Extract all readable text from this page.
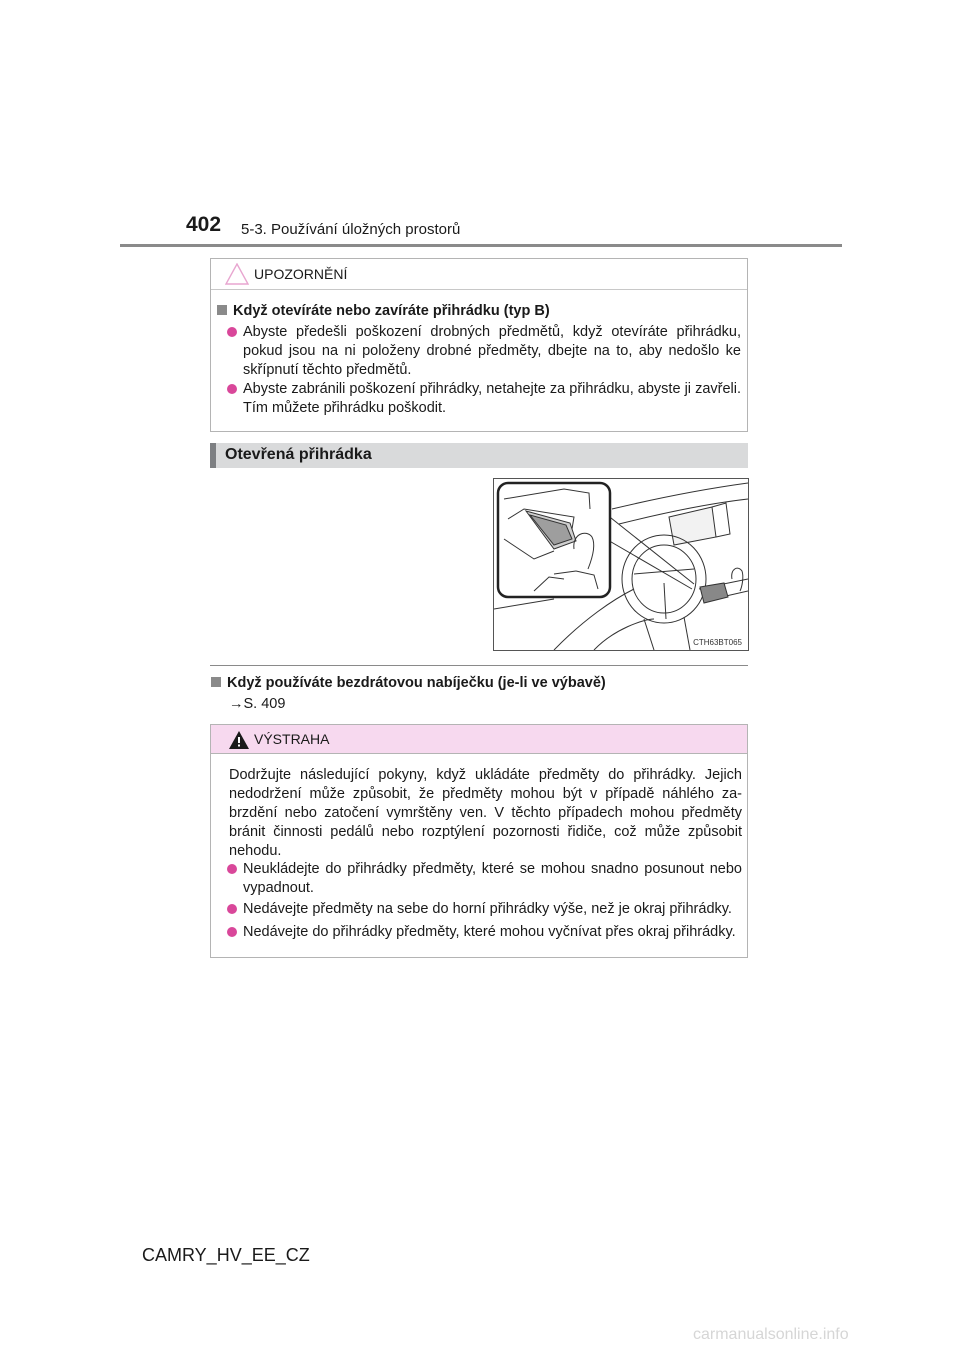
402 5-3. Používání úložných prostorů
UPOZORNĚNÍ
Když otevíráte nebo zavíráte přihrádku (typ B)
Abyste předešli poškození drobných předmětů, když otevíráte přihrádku, pokud jsou na ni položeny drobné předměty, dbejte na to, aby nedošlo ke skřípnutí těchto předmětů.
Abyste zabránili poškození přihrádky, netahejte za přihrádku, abyste ji zavřeli. Tím můžete přihrádku poškodit.
Otevřená přihrádka
CTH63BT065
Když používáte bezdrátovou nabíječku (je-li ve výbavě)
→S. 409
VÝSTRAHA
Dodržujte následující pokyny, když ukládáte předměty do přihrádky. Jejich nedodržení může způsobit, že předměty mohou být v případě náhlého za-brzdění nebo zatočení vymrštěny ven. V těchto případech mohou předměty bránit činnosti pedálů nebo rozptýlení pozornosti řidiče, což může způsobit nehodu.
Neukládejte do přihrádky předměty, které se mohou snadno posunout nebo vypadnout.
Nedávejte předměty na sebe do horní přihrádky výše, než je okraj přihrádky.
Nedávejte do přihrádky předměty, které mohou vyčnívat přes okraj přihrádky.
CAMRY_HV_EE_CZ
carmanualsonline.info
